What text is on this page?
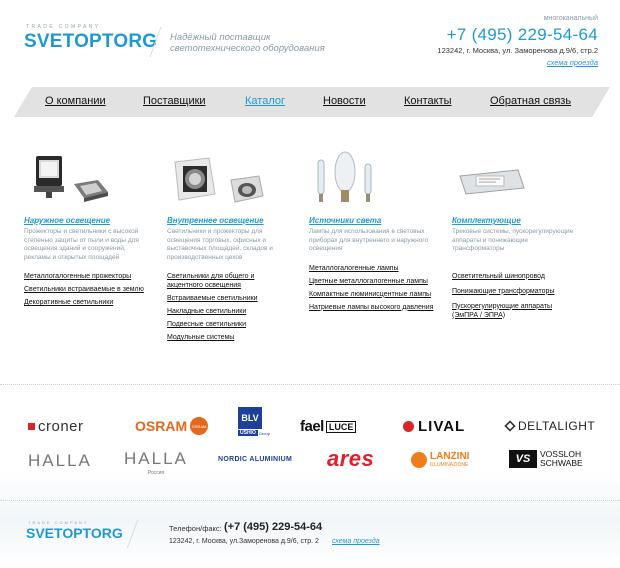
TRADE COMPANY
SVETOPTORG Надёжный поставщик светотехнического оборудования
многоканальный
+7 (495) 229-54-64
123242, г. Москва, ул. Заморенова д.9/6, стр.2
схема проезда
О компании	Поставщики	Каталог	Новости	Контакты	Обратная связь
Наружное освещение

Прожекторы и светильники с высокой степенью защиты от пыли и воды для освещения зданий и сооружений, рекламы и открытых площадей

Металлогалогенные прожекторы
Светильники встраиваемые в землю
Декоративные светильники
Внутреннее освещение

Светильники и прожекторы для освещения торговых, офисных и выставочных площадей, складов и производственных цехов

Светильники для общего и акцентного освещения
Встраиваемые светильники
Накладные светильники
Подвесные светильники
Модульные системы
Источники света

Лампы для использования в световых приборах для внутреннего и наружного освещения

Металлогалогенные лампы
Цветные металлогалогенные лампы
Компактные люминисцентные лампы
Натриевые лампы высокого давления
Комплектующие

Трековые системы, пускорегулирующие аппараты и понижающие трансформаторы

Осветительный шинопровод
Понижающие трансформаторы
Пускорегулирующие аппараты (ЭмПРА / ЭПРА)
croner	OSRAM	OSRAM
BLV
USHIO Group fael LUCE	LIVAL	DELTALIGHT
HALLA HALLA
Россия
NORDIC ALUMINIUM ares	LANZINI
ILLUMINAZIONE	VS	VOSSLOH
SCHWABE
TRADE COMPANY
SVETOPTORG	Телефон/факс: (+7 (495) 229-54-64
123242, г. Москва, ул.Заморенова д.9/6, стр. 2 схема проезда
